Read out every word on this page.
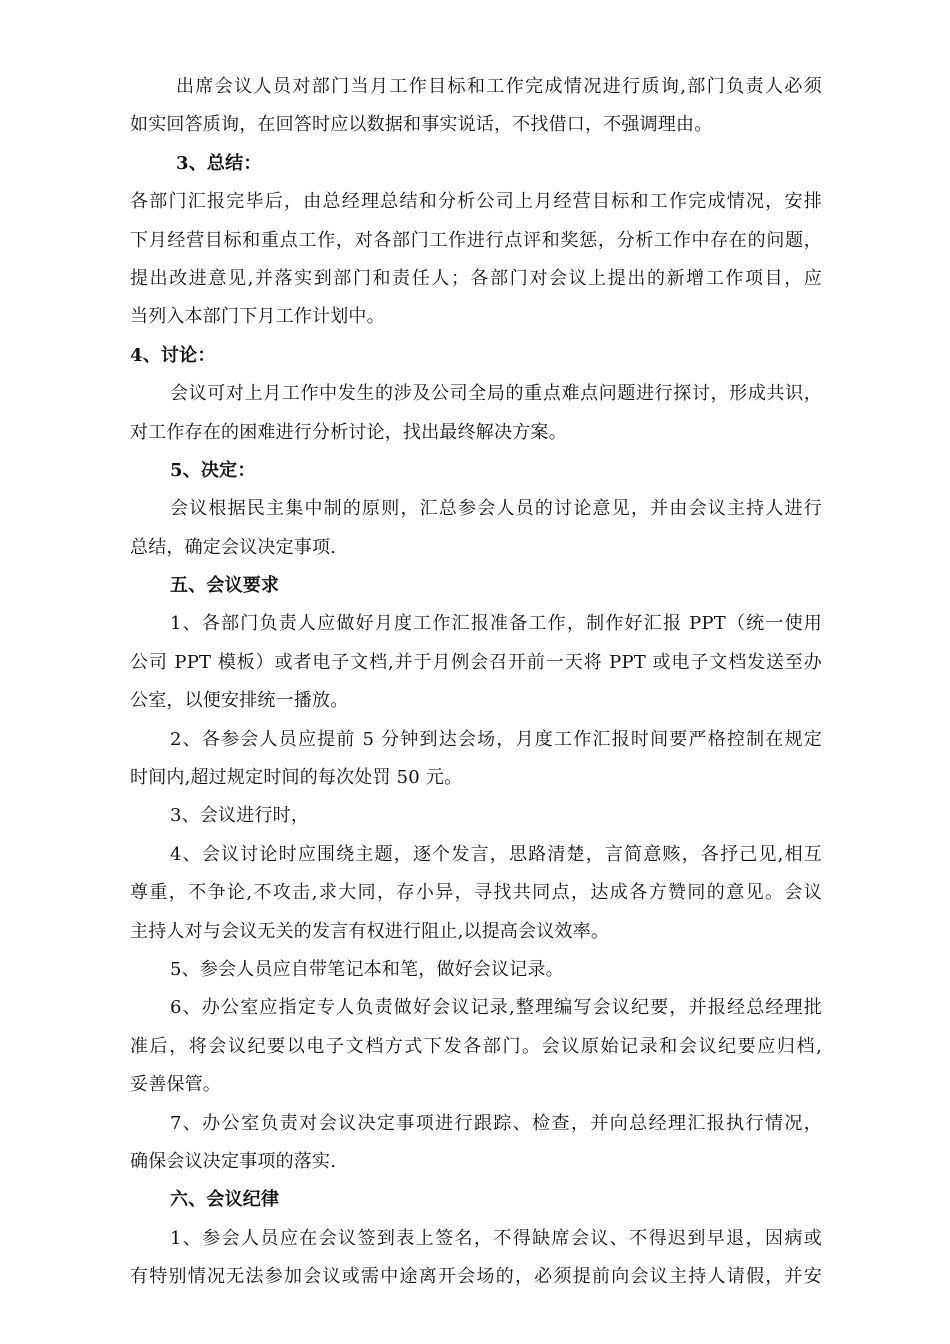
出席会议人员对部门当月工作目标和工作完成情况进行质询,部门负责人必须
如实回答质询，在回答时应以数据和事实说话，不找借口，不强调理由。
3、总结：
各部门汇报完毕后，由总经理总结和分析公司上月经营目标和工作完成情况，安排
下月经营目标和重点工作，对各部门工作进行点评和奖惩，分析工作中存在的问题，
提出改进意见,并落实到部门和责任人；各部门对会议上提出的新增工作项目，应
当列入本部门下月工作计划中。
4、讨论：
会议可对上月工作中发生的涉及公司全局的重点难点问题进行探讨，形成共识，
对工作存在的困难进行分析讨论，找出最终解决方案。
5、决定：
会议根据民主集中制的原则，汇总参会人员的讨论意见，并由会议主持人进行
总结，确定会议决定事项.
五、会议要求
1、各部门负责人应做好月度工作汇报准备工作，制作好汇报 PPT（统一使用
公司 PPT 模板）或者电子文档,并于月例会召开前一天将 PPT 或电子文档发送至办
公室，以便安排统一播放。
2、各参会人员应提前 5 分钟到达会场，月度工作汇报时间要严格控制在规定
时间内,超过规定时间的每次处罚 50 元。
3、会议进行时，
4、会议讨论时应围绕主题，逐个发言，思路清楚，言简意赅，各抒己见,相互
尊重，不争论,不攻击,求大同，存小异，寻找共同点，达成各方赞同的意见。会议
主持人对与会议无关的发言有权进行阻止,以提高会议效率。
5、参会人员应自带笔记本和笔，做好会议记录。
6、办公室应指定专人负责做好会议记录,整理编写会议纪要，并报经总经理批
准后，将会议纪要以电子文档方式下发各部门。会议原始记录和会议纪要应归档,
妥善保管。
7、办公室负责对会议决定事项进行跟踪、检查，并向总经理汇报执行情况，
确保会议决定事项的落实.
六、会议纪律
1、参会人员应在会议签到表上签名，不得缺席会议、不得迟到早退，因病或
有特别情况无法参加会议或需中途离开会场的，必须提前向会议主持人请假，并安
